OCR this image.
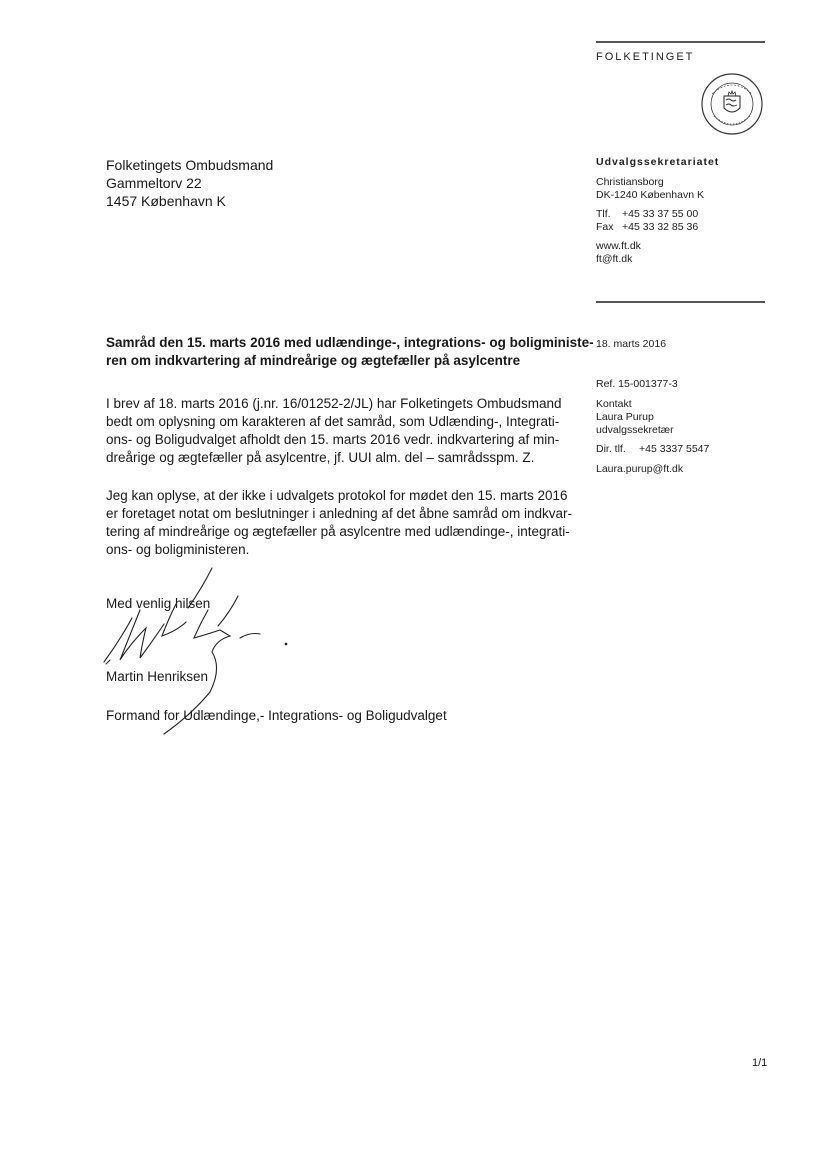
FOLKETINGET
Folketingets Ombudsmand
Gammeltorv 22
1457 København K
Udvalgssekretariatet
Christiansborg
DK-1240 København K
Tlf. +45 33 37 55 00
Fax +45 33 32 85 36
www.ft.dk
ft@ft.dk
18. marts 2016
Ref. 15-001377-3
Kontakt
Laura Purup
udvalgssekretær
Dir. tlf. +45 3337 5547
Laura.purup@ft.dk
Samråd den 15. marts 2016 med udlændinge-, integrations- og boligministe-
ren om indkvartering af mindreårige og ægtefæller på asylcentre
I brev af 18. marts 2016 (j.nr. 16/01252-2/JL) har Folketingets Ombudsmand
bedt om oplysning om karakteren af det samråd, som Udlænding-, Integrati-
ons- og Boligudvalget afholdt den 15. marts 2016 vedr. indkvartering af min-
dreårige og ægtefæller på asylcentre, jf. UUI alm. del – samrådsspm. Z.
Jeg kan oplyse, at der ikke i udvalgets protokol for mødet den 15. marts 2016
er foretaget notat om beslutninger i anledning af det åbne samråd om indkvar-
tering af mindreårige og ægtefæller på asylcentre med udlændinge-, integrati-
ons- og boligministeren.
Med venlig hilsen
Martin Henriksen
Formand for Udlændinge,- Integrations- og Boligudvalget
1/1
